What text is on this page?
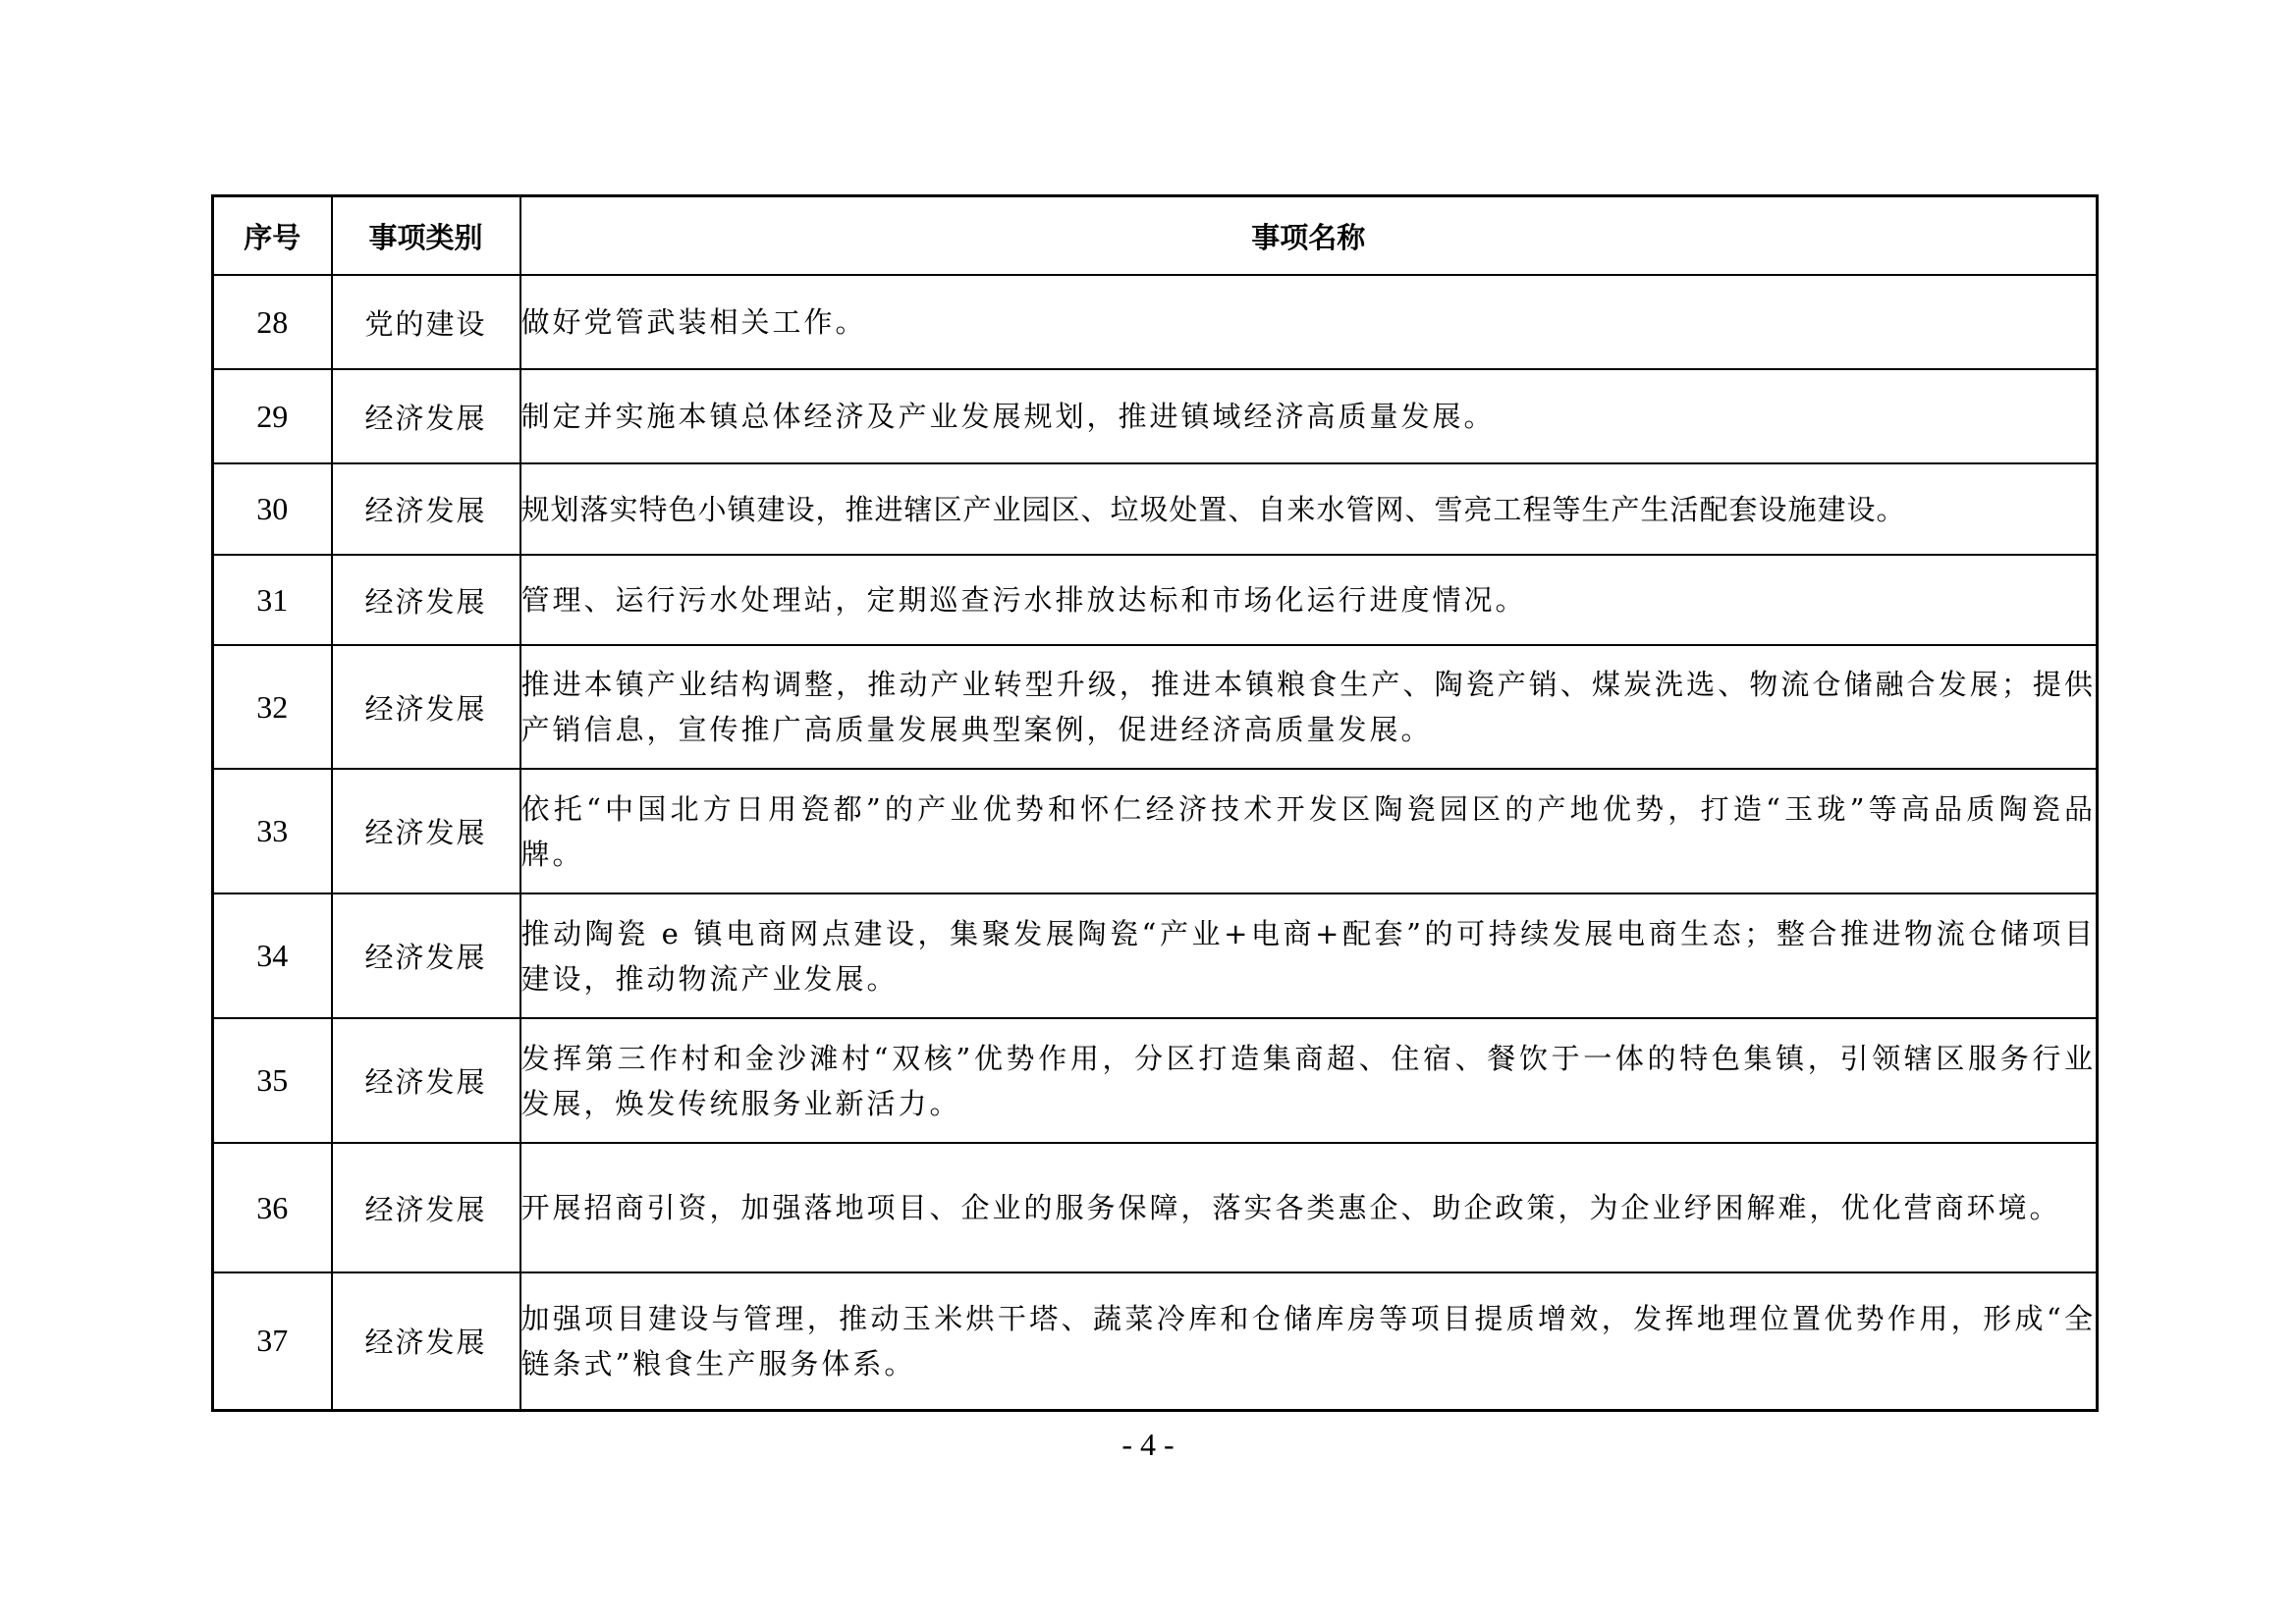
序号	事项类别	事项名称
28	党的建设	做好党管武装相关工作。
29	经济发展	制定并实施本镇总体经济及产业发展规划，推进镇域经济高质量发展。
30	经济发展	规划落实特色小镇建设，推进辖区产业园区、垃圾处置、自来水管网、雪亮工程等生产生活配套设施建设。
31	经济发展	管理、运行污水处理站，定期巡查污水排放达标和市场化运行进度情况。
32	经济发展	推进本镇产业结构调整，推动产业转型升级，推进本镇粮食生产、陶瓷产销、煤炭洗选、物流仓储融合发展；提供产销信息，宣传推广高质量发展典型案例，促进经济高质量发展。
33	经济发展	依托“中国北方日用瓷都”的产业优势和怀仁经济技术开发区陶瓷园区的产地优势，打造“玉珑”等高品质陶瓷品牌。
34	经济发展	推动陶瓷 e 镇电商网点建设，集聚发展陶瓷“产业+电商+配套”的可持续发展电商生态；整合推进物流仓储项目建设，推动物流产业发展。
35	经济发展	发挥第三作村和金沙滩村“双核”优势作用，分区打造集商超、住宿、餐饮于一体的特色集镇，引领辖区服务行业发展，焕发传统服务业新活力。
36	经济发展	开展招商引资，加强落地项目、企业的服务保障，落实各类惠企、助企政策，为企业纾困解难，优化营商环境。
37	经济发展	加强项目建设与管理，推动玉米烘干塔、蔬菜冷库和仓储库房等项目提质增效，发挥地理位置优势作用，形成“全链条式”粮食生产服务体系。
- 4 -
